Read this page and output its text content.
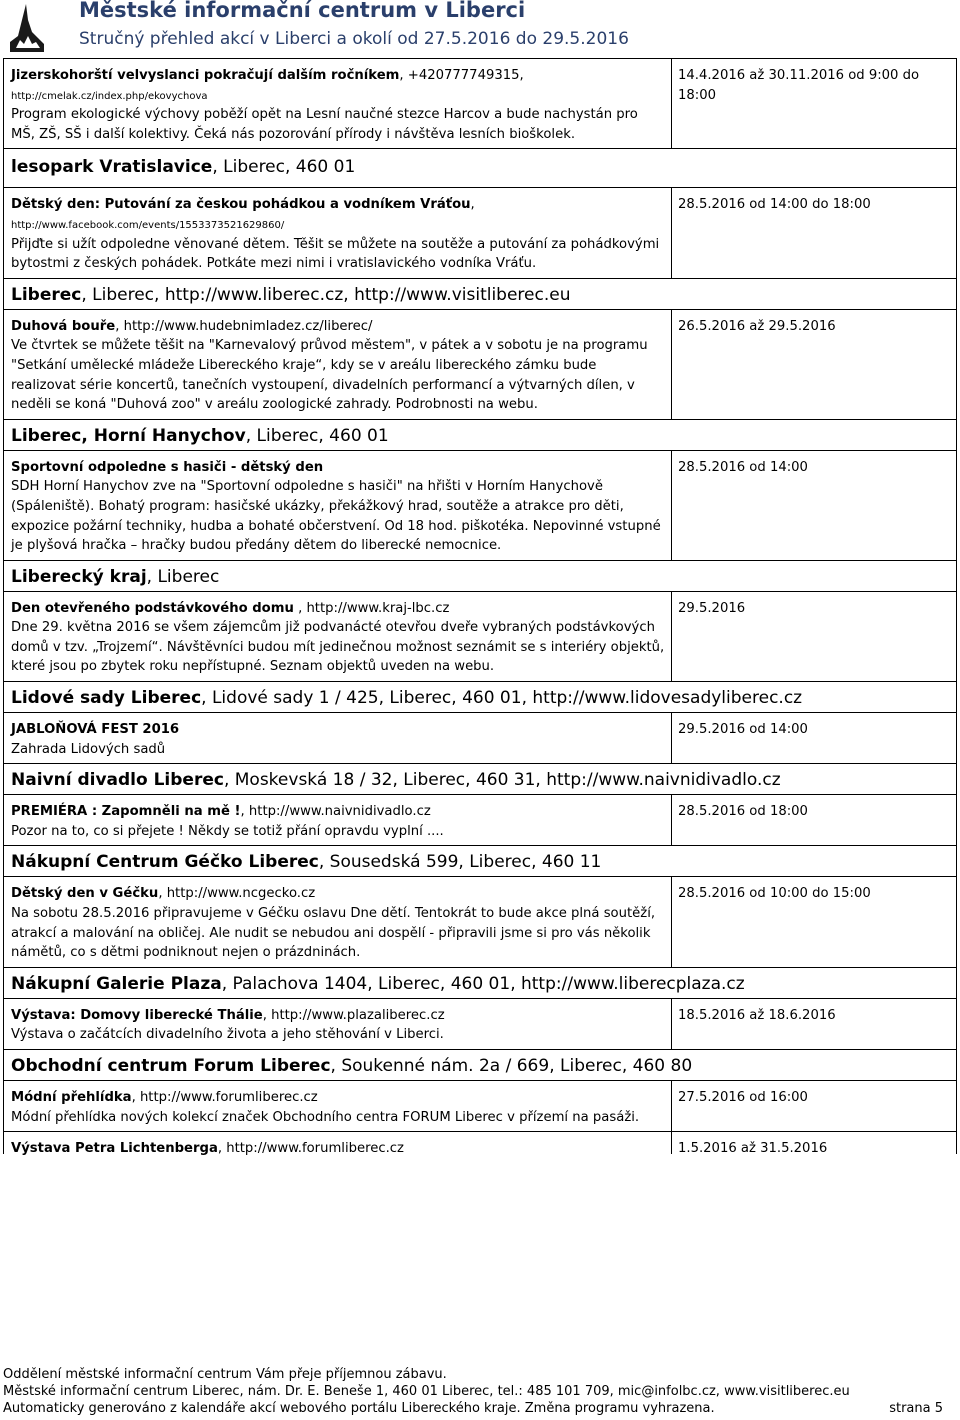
Městské informační centrum v Liberci
Stručný přehled akcí v Liberci a okolí od 27.5.2016 do 29.5.2016
Jizerskohorští velvyslanci pokračují dalším ročníkem, +420777749315,
http://cmelak.cz/index.php/ekovychova
Program ekologické výchovy poběží opět na Lesní naučné stezce Harcov a bude nachystán pro MŠ, ZŠ, SŠ i další kolektivy. Čeká nás pozorování přírody i návštěva lesních bioškolek.
14.4.2016 až 30.11.2016 od 9:00 do 18:00
lesopark Vratislavice, Liberec, 460 01
Dětský den: Putování za českou pohádkou a vodníkem Vráťou,
http://www.facebook.com/events/1553373521629860/
Přijďte si užít odpoledne věnované dětem. Těšit se můžete na soutěže a putování za pohádkovými bytostmi z českých pohádek. Potkáte mezi nimi i vratislavického vodníka Vráťu.
28.5.2016 od 14:00 do 18:00
Liberec, Liberec, http://www.liberec.cz, http://www.visitliberec.eu
Duhová bouře, http://www.hudebnimladez.cz/liberec/
Ve čtvrtek se můžete těšit na "Karnevalový průvod městem", v pátek a v sobotu je na programu "Setkání umělecké mládeže Libereckého kraje“, kdy se v areálu libereckého zámku bude realizovat série koncertů, tanečních vystoupení, divadelních performancí a výtvarných dílen, v neděli se koná "Duhová zoo" v areálu zoologické zahrady. Podrobnosti na webu.
26.5.2016 až 29.5.2016
Liberec, Horní Hanychov, Liberec, 460 01
Sportovní odpoledne s hasiči - dětský den
SDH Horní Hanychov zve na "Sportovní odpoledne s hasiči" na hřišti v Horním Hanychově (Spáleniště). Bohatý program: hasičské ukázky, překážkový hrad, soutěže a atrakce pro děti, expozice požární techniky, hudba a bohaté občerstvení. Od 18 hod. piškotéka. Nepovinné vstupné je plyšová hračka – hračky budou předány dětem do liberecké nemocnice.
28.5.2016 od 14:00
Liberecký kraj, Liberec
Den otevřeného podstávkového domu , http://www.kraj-lbc.cz
Dne 29. května 2016 se všem zájemcům již podvanácté otevřou dveře vybraných podstávkových domů v tzv. „Trojzemí“. Návštěvníci budou mít jedinečnou možnost seznámit se s interiéry objektů, které jsou po zbytek roku nepřístupné. Seznam objektů uveden na webu.
29.5.2016
Lidové sady Liberec, Lidové sady 1 / 425, Liberec, 460 01, http://www.lidovesadyliberec.cz
JABLOŇOVÁ FEST 2016
Zahrada Lidových sadů
29.5.2016 od 14:00
Naivní divadlo Liberec, Moskevská 18 / 32, Liberec, 460 31, http://www.naivnidivadlo.cz
PREMIÉRA : Zapomněli na mě !, http://www.naivnidivadlo.cz
Pozor na to, co si přejete ! Někdy se totiž přání opravdu vyplní ....
28.5.2016 od 18:00
Nákupní Centrum Géčko Liberec, Sousedská 599, Liberec, 460 11
Dětský den v Géčku, http://www.ncgecko.cz
Na sobotu 28.5.2016 připravujeme v Géčku oslavu Dne dětí. Tentokrát to bude akce plná soutěží, atrakcí a malování na obličej. Ale nudit se nebudou ani dospělí - připravili jsme si pro vás několik námětů, co s dětmi podniknout nejen o prázdninách.
28.5.2016 od 10:00 do 15:00
Nákupní Galerie Plaza, Palachova 1404, Liberec, 460 01, http://www.liberecplaza.cz
Výstava: Domovy liberecké Thálie, http://www.plazaliberec.cz
Výstava o začátcích divadelního života a jeho stěhování v Liberci.
18.5.2016 až 18.6.2016
Obchodní centrum Forum Liberec, Soukenné nám. 2a / 669, Liberec, 460 80
Módní přehlídka, http://www.forumliberec.cz
Módní přehlídka nových kolekcí značek Obchodního centra FORUM Liberec v přízemí na pasáži.
27.5.2016 od 16:00
Výstava Petra Lichtenberga, http://www.forumliberec.cz	1.5.2016 až 31.5.2016
Oddělení městské informační centrum Vám přeje příjemnou zábavu.
Městské informační centrum Liberec, nám. Dr. E. Beneše 1, 460 01 Liberec, tel.: 485 101 709, mic@infolbc.cz, www.visitliberec.eu
Automaticky generováno z kalendáře akcí webového portálu Libereckého kraje. Změna programu vyhrazena.	strana 5
